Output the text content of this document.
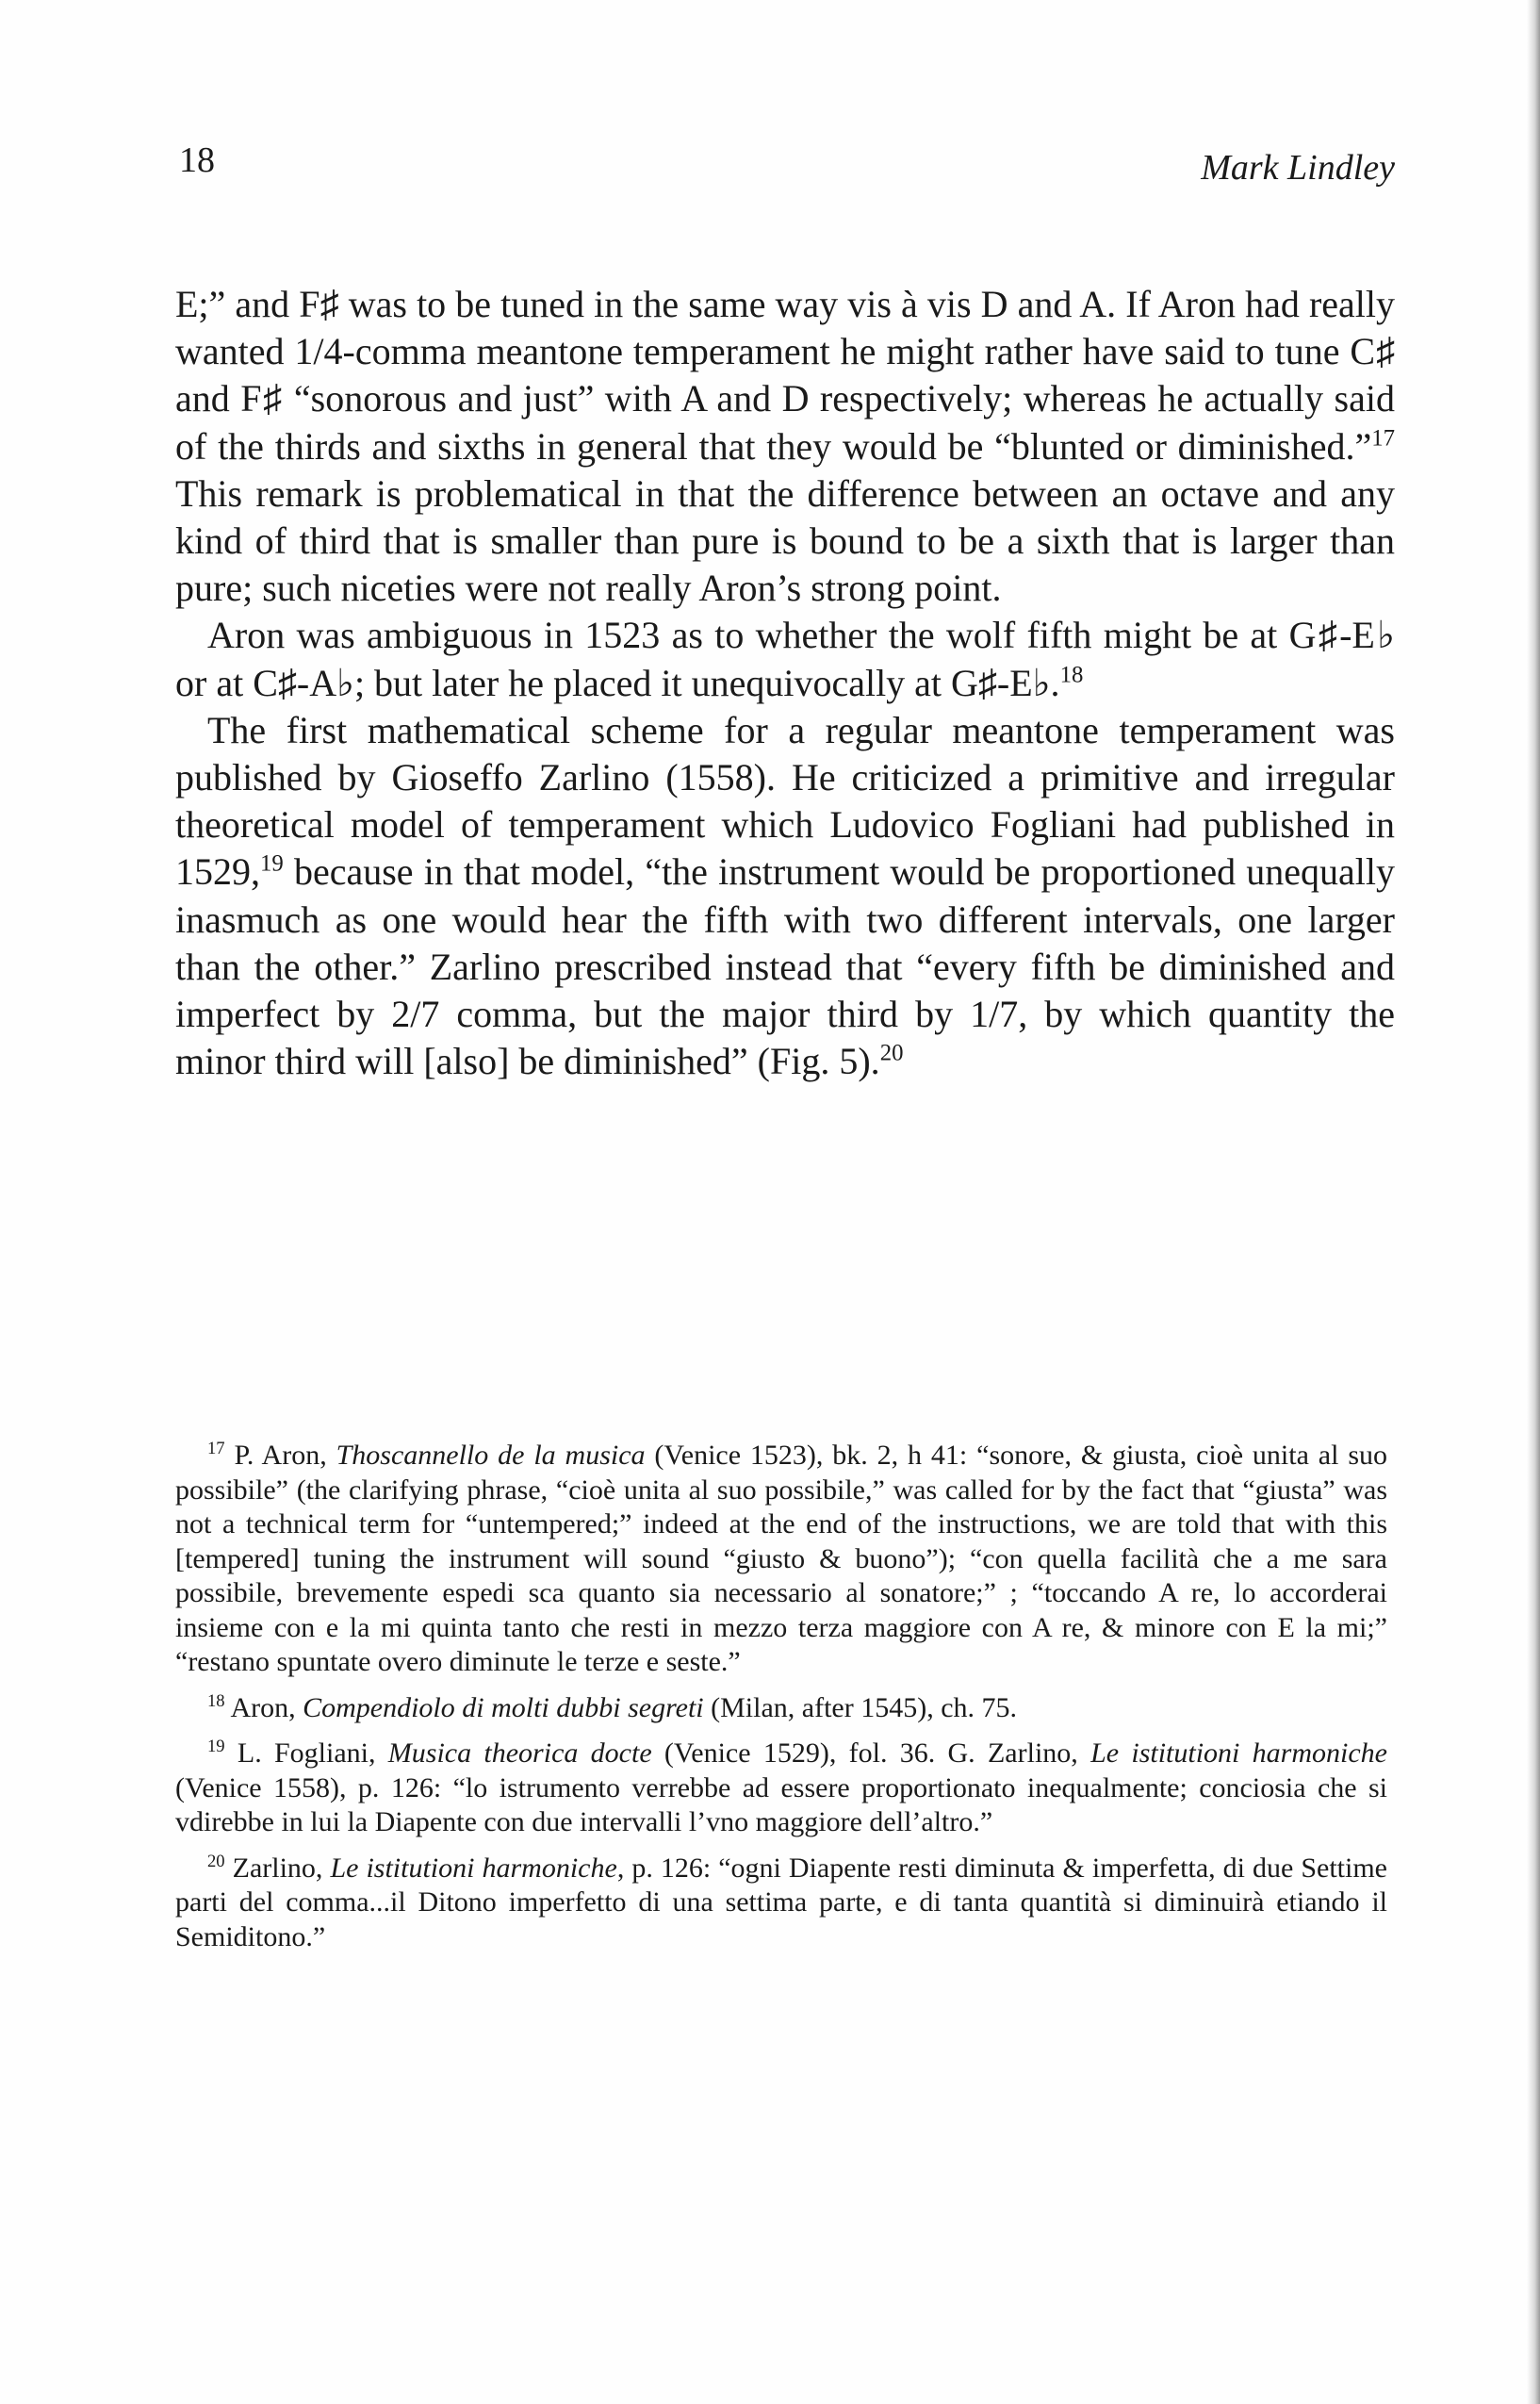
18	Mark Lindley

E;” and F♯ was to be tuned in the same way vis à vis D and A. If Aron had really wanted 1/4-comma meantone temperament he might rather have said to tune C♯ and F♯ “sonorous and just” with A and D respectively; whereas he actually said of the thirds and sixths in general that they would be “blunted or diminished.”$^{17}$ This remark is problematical in that the difference between an octave and any kind of third that is smaller than pure is bound to be a sixth that is larger than pure; such niceties were not really Aron’s strong point.

Aron was ambiguous in 1523 as to whether the wolf fifth might be at G♯-E♭ or at C♯-A♭; but later he placed it unequivocally at G♯-E♭.$^{18}$

The first mathematical scheme for a regular meantone temperament was published by Gioseffo Zarlino (1558). He criticized a primitive and irregular theoretical model of temperament which Ludovico Fogliani had published in 1529,19 because in that model, “the instrument would be proportioned unequally inasmuch as one would hear the fifth with two different intervals, one larger than the other.” Zarlino prescribed instead that “every fifth be diminished and imperfect by 2/7 comma, but the major third by 1/7, by which quantity the minor third will [also] be diminished” (Fig. 5).$^{20}$

$^{17}$ P. Aron, Thoscannello de la musica (Venice 1523), bk. 2, h 41: “sonore, & giusta, cioè unita al suo possibile” (the clarifying phrase, “cioè unita al suo possibile,” was called for by the fact that “giusta” was not a technical term for “untempered;” indeed at the end of the instructions, we are told that with this [tempered] tuning the instrument will sound “giusto & buono”); “con quella facilità che a me sara possibile, brevemente espedi sca quanto sia necessario al sonatore;” ; “toccando A re, lo accorderai insieme con e la mi quinta tanto che resti in mezzo terza maggiore con A re, & minore con E la mi;” “restano spuntate overo diminute le terze e seste.”

$^{18}$ Aron, Compendiolo di molti dubbi segreti (Milan, after 1545), ch. 75.

$^{19}$ L. Fogliani, Musica theorica docte (Venice 1529), fol. 36. G. Zarlino, Le istitutioni harmoniche (Venice 1558), p. 126: “lo istrumento verrebbe ad essere proportionato inequalmente; conciosia che si vdirebbe in lui la Diapente con due intervalli l’vno maggiore dell’altro.”

$^{20}$ Zarlino, Le istitutioni harmoniche, p. 126: “ogni Diapente resti diminuta & imperfetta, di due Settime parti del comma...il Ditono imperfetto di una settima parte, e di tanta quantità si diminuirà etiando il Semiditono.”
